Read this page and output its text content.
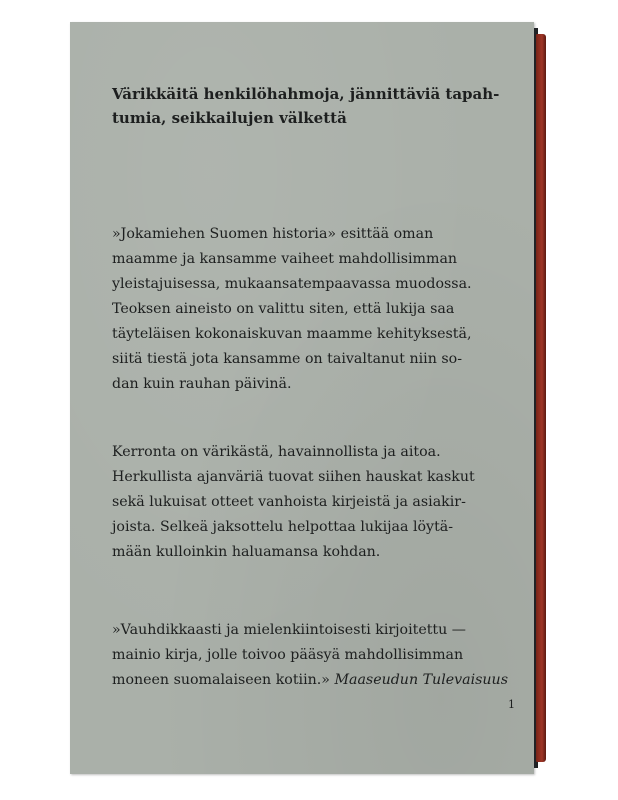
Värikkäitä henkilöhahmoja, jännittäviä tapah-
tumia, seikkailujen välkettä
»Jokamiehen Suomen historia» esittää oman
maamme ja kansamme vaiheet mahdollisimman
yleistajuisessa, mukaansatempaavassa muodossa.
Teoksen aineisto on valittu siten, että lukija saa
täyteläisen kokonaiskuvan maamme kehityksestä,
siitä tiestä jota kansamme on taivaltanut niin so-
dan kuin rauhan päivinä.
Kerronta on värikästä, havainnollista ja aitoa.
Herkullista ajanväriä tuovat siihen hauskat kaskut
sekä lukuisat otteet vanhoista kirjeistä ja asiakir-
joista. Selkeä jaksottelu helpottaa lukijaa löytä-
mään kulloinkin haluamansa kohdan.
»Vauhdikkaasti ja mielenkiintoisesti kirjoitettu —
mainio kirja, jolle toivoo pääsyä mahdollisimman
moneen suomalaiseen kotiin.» Maaseudun Tulevaisuus
1
